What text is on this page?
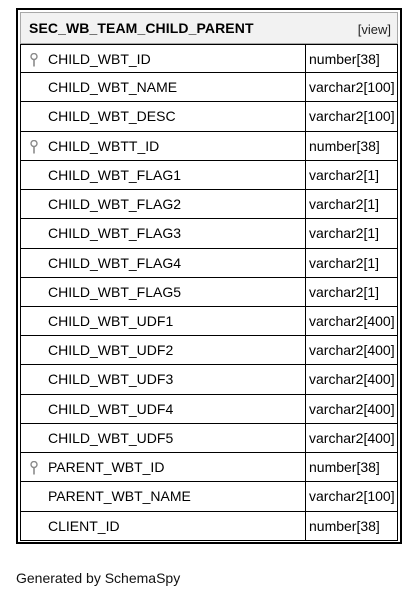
SEC_WB_TEAM_CHILD_PARENT	[view]
CHILD_WBT_ID	number[38]
CHILD_WBT_NAME	varchar2[100]
CHILD_WBT_DESC	varchar2[100]
CHILD_WBTT_ID	number[38]
CHILD_WBT_FLAG1	varchar2[1]
CHILD_WBT_FLAG2	varchar2[1]
CHILD_WBT_FLAG3	varchar2[1]
CHILD_WBT_FLAG4	varchar2[1]
CHILD_WBT_FLAG5	varchar2[1]
CHILD_WBT_UDF1	varchar2[400]
CHILD_WBT_UDF2	varchar2[400]
CHILD_WBT_UDF3	varchar2[400]
CHILD_WBT_UDF4	varchar2[400]
CHILD_WBT_UDF5	varchar2[400]
PARENT_WBT_ID	number[38]
PARENT_WBT_NAME	varchar2[100]
CLIENT_ID	number[38]
Generated by SchemaSpy
